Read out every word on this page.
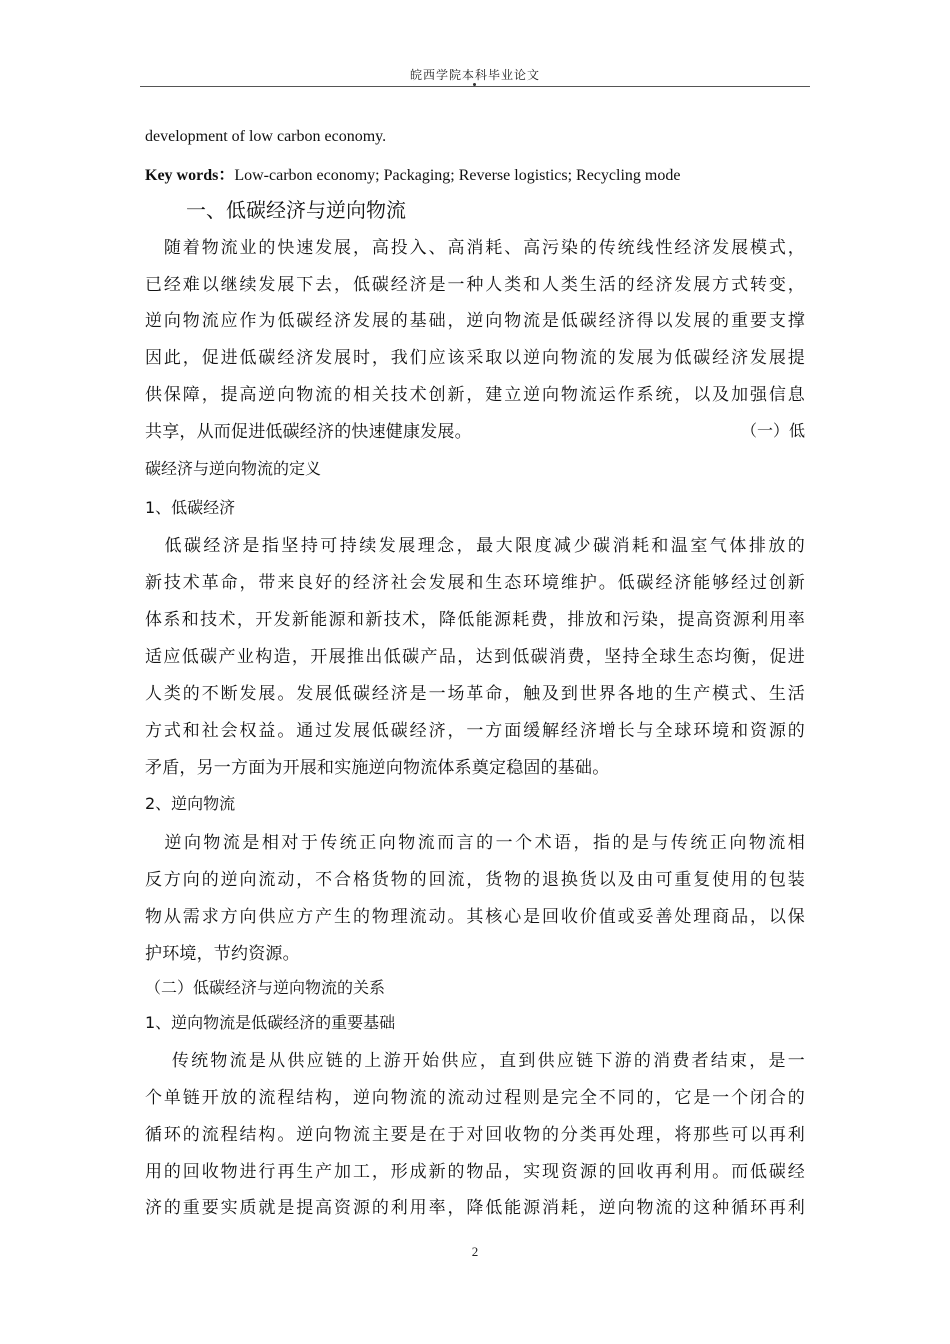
皖西学院本科毕业论文
development of low carbon economy.
Key words：Low-carbon economy; Packaging; Reverse logistics; Recycling mode
一、低碳经济与逆向物流
　随着物流业的快速发展，高投入、高消耗、高污染的传统线性经济发展模式，
已经难以继续发展下去，低碳经济是一种人类和人类生活的经济发展方式转变，
逆向物流应作为低碳经济发展的基础，逆向物流是低碳经济得以发展的重要支撑
因此，促进低碳经济发展时，我们应该采取以逆向物流的发展为低碳经济发展提
供保障，提高逆向物流的相关技术创新，建立逆向物流运作系统，以及加强信息
共享，从而促进低碳经济的快速健康发展。	（一）低
碳经济与逆向物流的定义
1、低碳经济
　低碳经济是指坚持可持续发展理念，最大限度减少碳消耗和温室气体排放的
新技术革命，带来良好的经济社会发展和生态环境维护。低碳经济能够经过创新
体系和技术，开发新能源和新技术，降低能源耗费，排放和污染，提高资源利用率
适应低碳产业构造，开展推出低碳产品，达到低碳消费，坚持全球生态均衡，促进
人类的不断发展。发展低碳经济是一场革命，触及到世界各地的生产模式、生活
方式和社会权益。通过发展低碳经济，一方面缓解经济增长与全球环境和资源的
矛盾，另一方面为开展和实施逆向物流体系奠定稳固的基础。
2、逆向物流
　逆向物流是相对于传统正向物流而言的一个术语，指的是与传统正向物流相
反方向的逆向流动，不合格货物的回流，货物的退换货以及由可重复使用的包装
物从需求方向供应方产生的物理流动。其核心是回收价值或妥善处理商品，以保
护环境，节约资源。
（二）低碳经济与逆向物流的关系
1、逆向物流是低碳经济的重要基础
　 传统物流是从供应链的上游开始供应，直到供应链下游的消费者结束，是一
个单链开放的流程结构，逆向物流的流动过程则是完全不同的，它是一个闭合的
循环的流程结构。逆向物流主要是在于对回收物的分类再处理，将那些可以再利
用的回收物进行再生产加工，形成新的物品，实现资源的回收再利用。而低碳经
济的重要实质就是提高资源的利用率，降低能源消耗，逆向物流的这种循环再利
2
